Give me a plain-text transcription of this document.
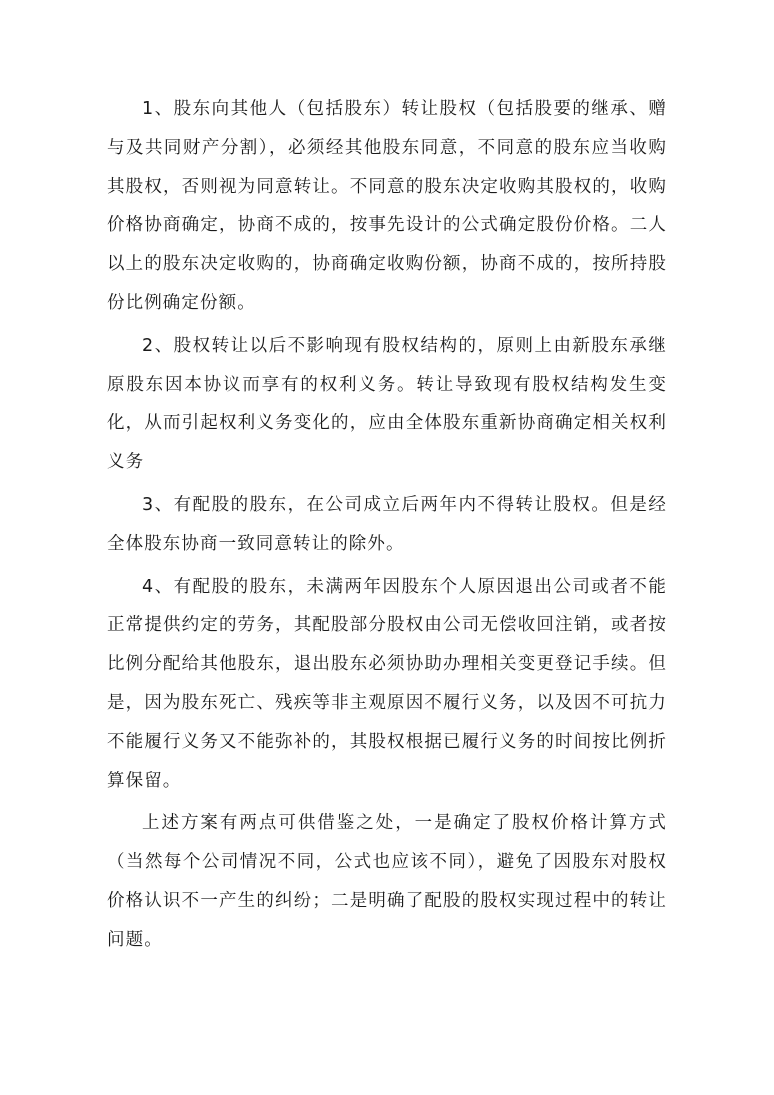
1、股东向其他人（包括股东）转让股权（包括股要的继承、赠与及共同财产分割），必须经其他股东同意，不同意的股东应当收购其股权，否则视为同意转让。不同意的股东决定收购其股权的，收购价格协商确定，协商不成的，按事先设计的公式确定股份价格。二人以上的股东决定收购的，协商确定收购份额，协商不成的，按所持股份比例确定份额。

2、股权转让以后不影响现有股权结构的，原则上由新股东承继原股东因本协议而享有的权利义务。转让导致现有股权结构发生变化，从而引起权利义务变化的，应由全体股东重新协商确定相关权利义务

3、有配股的股东，在公司成立后两年内不得转让股权。但是经全体股东协商一致同意转让的除外。

4、有配股的股东，未满两年因股东个人原因退出公司或者不能正常提供约定的劳务，其配股部分股权由公司无偿收回注销，或者按比例分配给其他股东，退出股东必须协助办理相关变更登记手续。但是，因为股东死亡、残疾等非主观原因不履行义务，以及因不可抗力不能履行义务又不能弥补的，其股权根据已履行义务的时间按比例折算保留。

上述方案有两点可供借鉴之处，一是确定了股权价格计算方式（当然每个公司情况不同，公式也应该不同），避免了因股东对股权价格认识不一产生的纠纷；二是明确了配股的股权实现过程中的转让问题。
